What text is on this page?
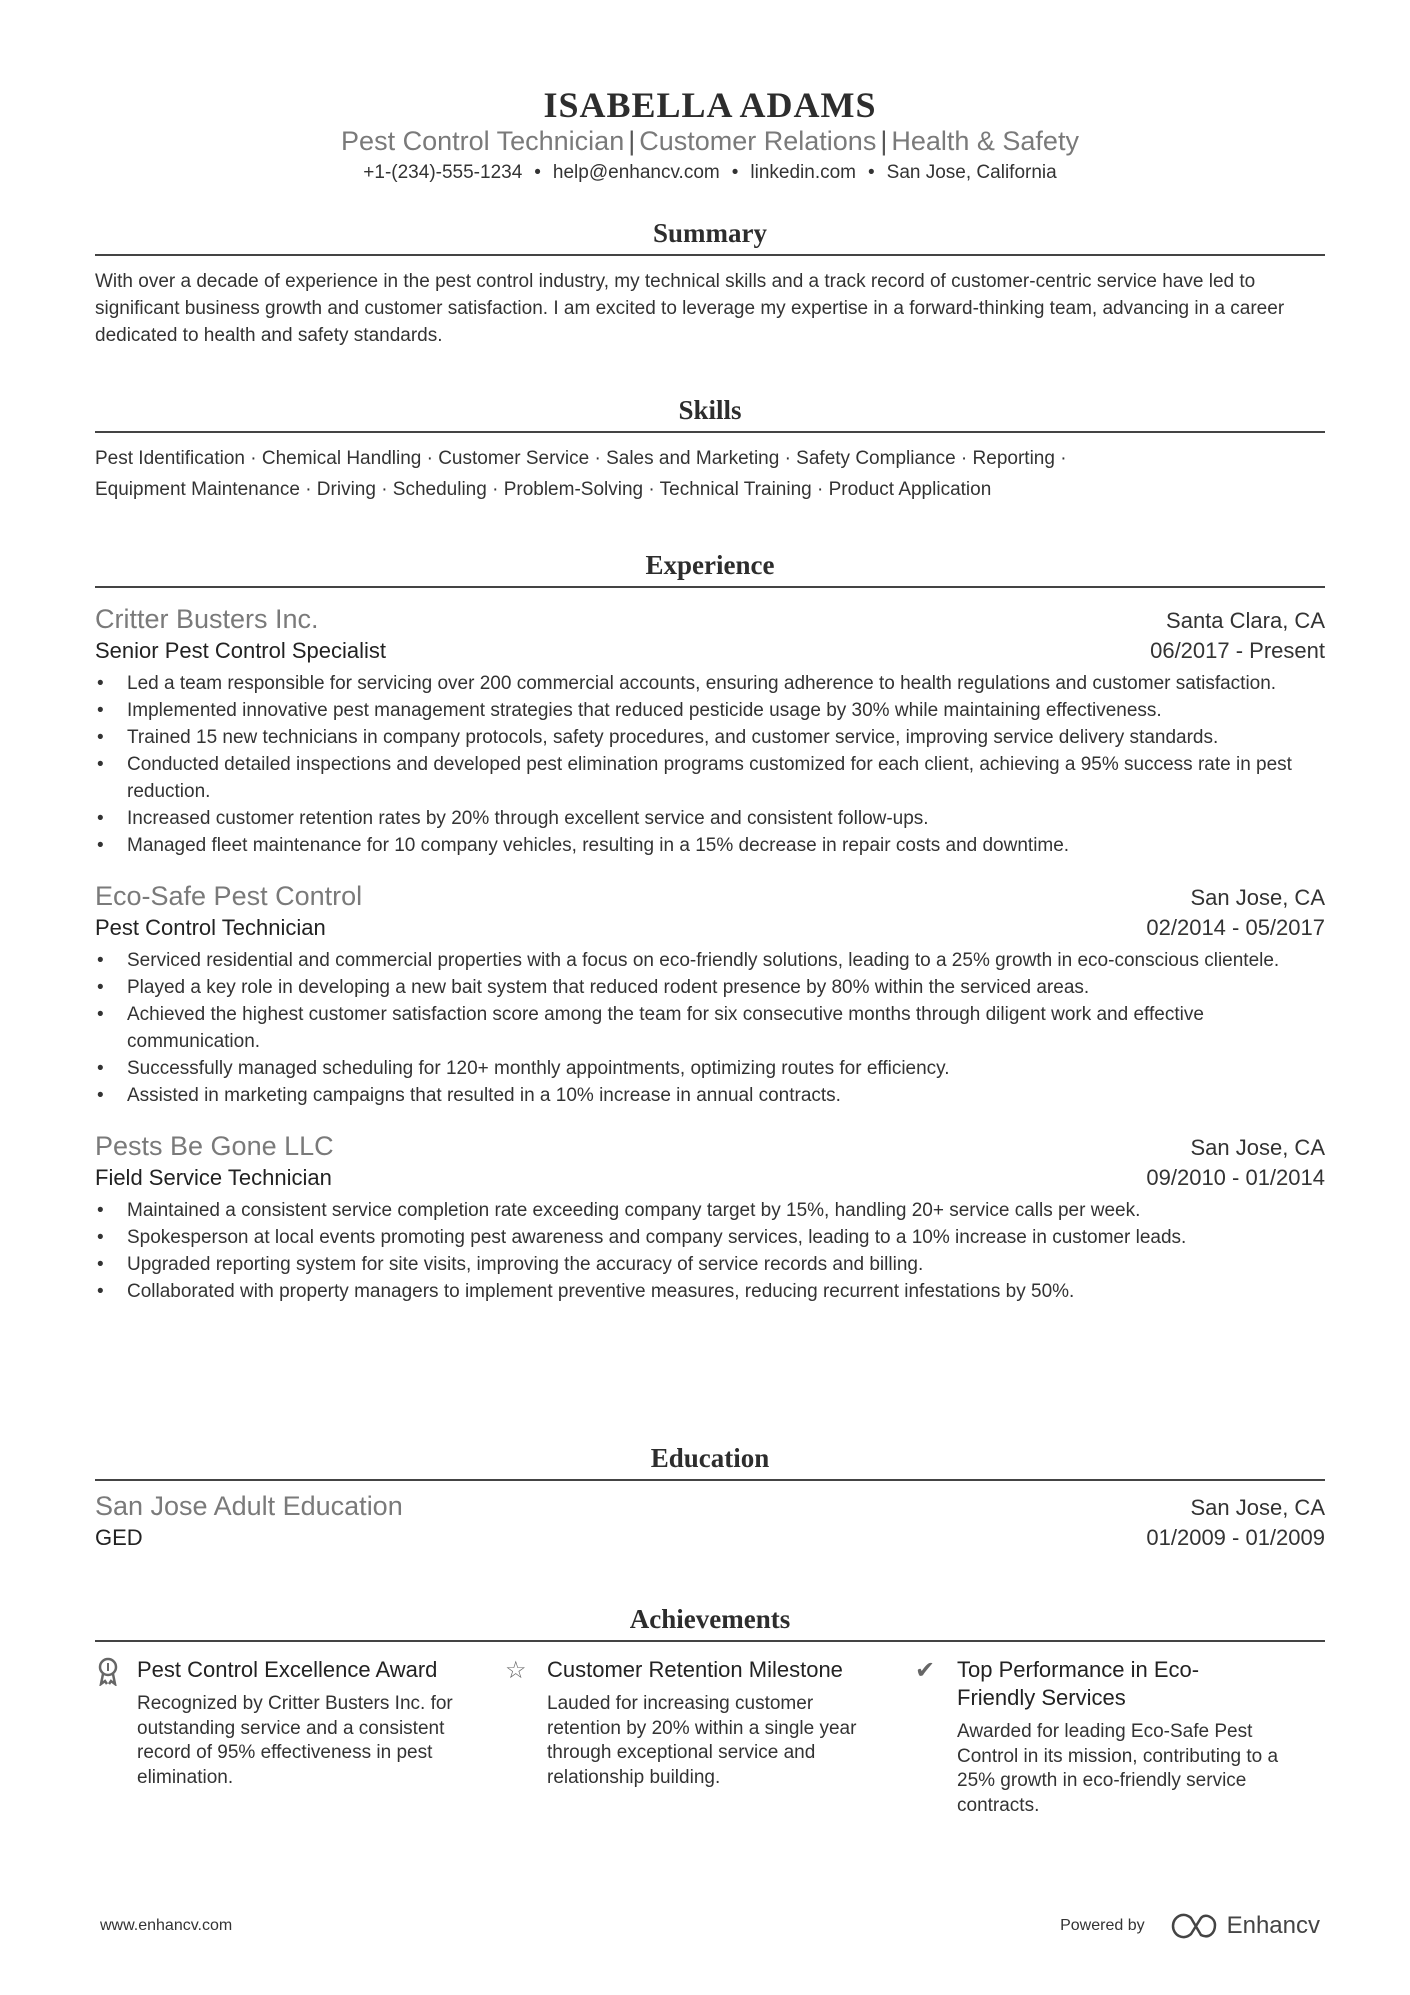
ISABELLA ADAMS
Pest Control Technician | Customer Relations | Health & Safety
+1-(234)-555-1234 • help@enhancv.com • linkedin.com • San Jose, California
Summary

With over a decade of experience in the pest control industry, my technical skills and a track record of customer-centric service have led to significant business growth and customer satisfaction. I am excited to leverage my expertise in a forward-thinking team, advancing in a career dedicated to health and safety standards.

Skills

Pest Identification · Chemical Handling · Customer Service · Sales and Marketing · Safety Compliance · Reporting ·

Equipment Maintenance · Driving · Scheduling · Problem-Solving · Technical Training · Product Application

Experience
Critter Busters Inc.	Santa Clara, CA
Senior Pest Control Specialist	06/2017 - Present
• Led a team responsible for servicing over 200 commercial accounts, ensuring adherence to health regulations and customer satisfaction.
• Implemented innovative pest management strategies that reduced pesticide usage by 30% while maintaining effectiveness.
• Trained 15 new technicians in company protocols, safety procedures, and customer service, improving service delivery standards.
• Conducted detailed inspections and developed pest elimination programs customized for each client, achieving a 95% success rate in pest reduction.
• Increased customer retention rates by 20% through excellent service and consistent follow-ups.
• Managed fleet maintenance for 10 company vehicles, resulting in a 15% decrease in repair costs and downtime.
Eco-Safe Pest Control	San Jose, CA
Pest Control Technician	02/2014 - 05/2017
• Serviced residential and commercial properties with a focus on eco-friendly solutions, leading to a 25% growth in eco-conscious clientele.
• Played a key role in developing a new bait system that reduced rodent presence by 80% within the serviced areas.
• Achieved the highest customer satisfaction score among the team for six consecutive months through diligent work and effective communication.
• Successfully managed scheduling for 120+ monthly appointments, optimizing routes for efficiency.
• Assisted in marketing campaigns that resulted in a 10% increase in annual contracts.
Pests Be Gone LLC	San Jose, CA
Field Service Technician	09/2010 - 01/2014
• Maintained a consistent service completion rate exceeding company target by 15%, handling 20+ service calls per week.
• Spokesperson at local events promoting pest awareness and company services, leading to a 10% increase in customer leads.
• Upgraded reporting system for site visits, improving the accuracy of service records and billing.
• Collaborated with property managers to implement preventive measures, reducing recurrent infestations by 50%.
Education
San Jose Adult Education	San Jose, CA
GED	01/2009 - 01/2009
Achievements
Pest Control Excellence Award
Recognized by Critter Busters Inc. for outstanding service and a consistent record of 95% effectiveness in pest elimination.
☆ Customer Retention Milestone
Lauded for increasing customer retention by 20% within a single year through exceptional service and relationship building.
✔ Top Performance in Eco-Friendly Services
Awarded for leading Eco-Safe Pest Control in its mission, contributing to a 25% growth in eco-friendly service contracts.
www.enhancv.com	Powered by	Enhancv
